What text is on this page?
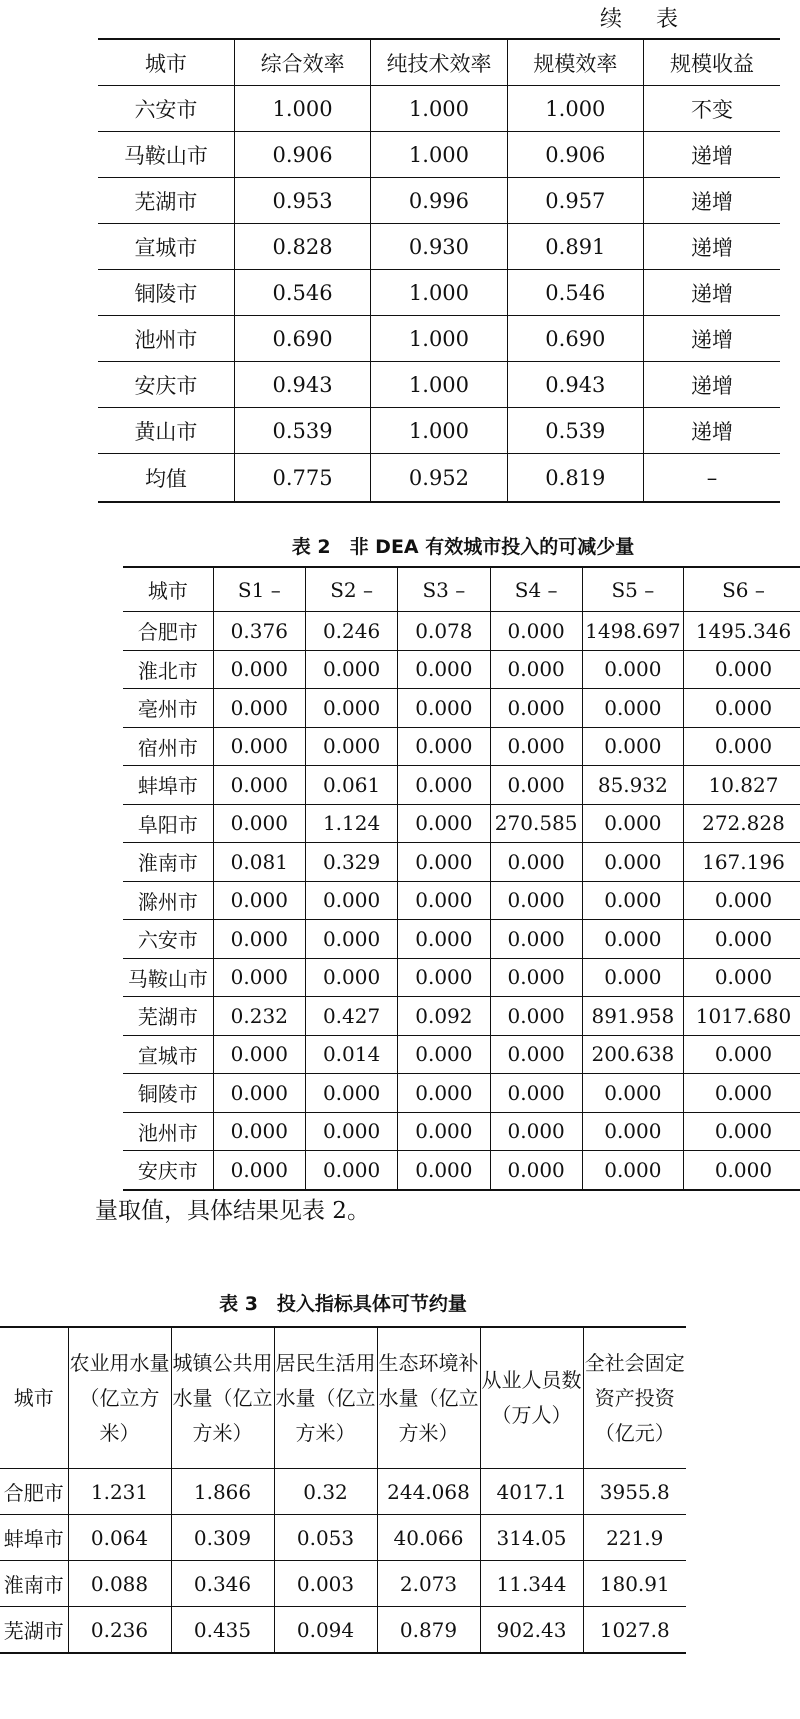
续　表
城市	综合效率	纯技术效率	规模效率	规模收益
六安市	1.000	1.000	1.000	不变
马鞍山市	0.906	1.000	0.906	递增
芜湖市	0.953	0.996	0.957	递增
宣城市	0.828	0.930	0.891	递增
铜陵市	0.546	1.000	0.546	递增
池州市	0.690	1.000	0.690	递增
安庆市	0.943	1.000	0.943	递增
黄山市	0.539	1.000	0.539	递增
均值	0.775	0.952	0.819	–
表 2　非 DEA 有效城市投入的可减少量
城市	S1 –	S2 –	S3 –	S4 –	S5 –	S6 –
合肥市	0.376	0.246	0.078	0.000	1498.697	1495.346
淮北市	0.000	0.000	0.000	0.000	0.000	0.000
亳州市	0.000	0.000	0.000	0.000	0.000	0.000
宿州市	0.000	0.000	0.000	0.000	0.000	0.000
蚌埠市	0.000	0.061	0.000	0.000	85.932	10.827
阜阳市	0.000	1.124	0.000	270.585	0.000	272.828
淮南市	0.081	0.329	0.000	0.000	0.000	167.196
滁州市	0.000	0.000	0.000	0.000	0.000	0.000
六安市	0.000	0.000	0.000	0.000	0.000	0.000
马鞍山市	0.000	0.000	0.000	0.000	0.000	0.000
芜湖市	0.232	0.427	0.092	0.000	891.958	1017.680
宣城市	0.000	0.014	0.000	0.000	200.638	0.000
铜陵市	0.000	0.000	0.000	0.000	0.000	0.000
池州市	0.000	0.000	0.000	0.000	0.000	0.000
安庆市	0.000	0.000	0.000	0.000	0.000	0.000
量取值，具体结果见表 2。
表 3　投入指标具体可节约量
城市	农业用水量（亿立方米）	城镇公共用水量（亿立方米）	居民生活用水量（亿立方米）	生态环境补水量（亿立方米）	从业人员数（万人）	全社会固定资产投资（亿元）
合肥市	1.231	1.866	0.32	244.068	4017.1	3955.8
蚌埠市	0.064	0.309	0.053	40.066	314.05	221.9
淮南市	0.088	0.346	0.003	2.073	11.344	180.91
芜湖市	0.236	0.435	0.094	0.879	902.43	1027.8
